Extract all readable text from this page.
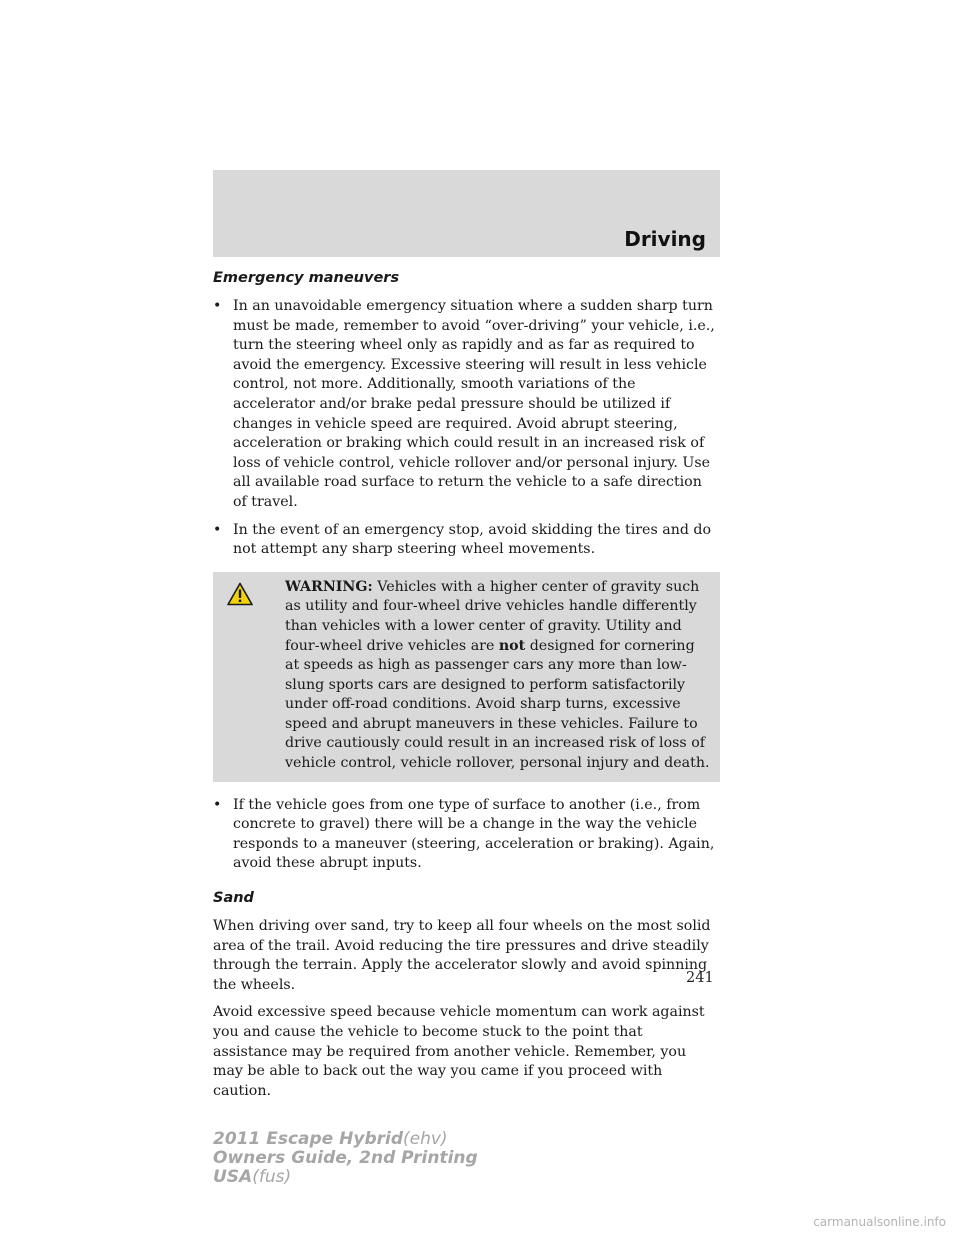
Driving
Emergency maneuvers
• In an unavoidable emergency situation where a sudden sharp turn must be made, remember to avoid “over-driving” your vehicle, i.e., turn the steering wheel only as rapidly and as far as required to avoid the emergency. Excessive steering will result in less vehicle control, not more. Additionally, smooth variations of the accelerator and/or brake pedal pressure should be utilized if changes in vehicle speed are required. Avoid abrupt steering, acceleration or braking which could result in an increased risk of loss of vehicle control, vehicle rollover and/or personal injury. Use all available road surface to return the vehicle to a safe direction of travel.
• In the event of an emergency stop, avoid skidding the tires and do not attempt any sharp steering wheel movements.
WARNING: Vehicles with a higher center of gravity such as utility and four-wheel drive vehicles handle differently than vehicles with a lower center of gravity. Utility and four-wheel drive vehicles are not designed for cornering at speeds as high as passenger cars any more than low-slung sports cars are designed to perform satisfactorily under off-road conditions. Avoid sharp turns, excessive speed and abrupt maneuvers in these vehicles. Failure to drive cautiously could result in an increased risk of loss of vehicle control, vehicle rollover, personal injury and death.
• If the vehicle goes from one type of surface to another (i.e., from concrete to gravel) there will be a change in the way the vehicle responds to a maneuver (steering, acceleration or braking). Again, avoid these abrupt inputs.
Sand

When driving over sand, try to keep all four wheels on the most solid area of the trail. Avoid reducing the tire pressures and drive steadily through the terrain. Apply the accelerator slowly and avoid spinning the wheels.

Avoid excessive speed because vehicle momentum can work against you and cause the vehicle to become stuck to the point that assistance may be required from another vehicle. Remember, you may be able to back out the way you came if you proceed with caution.

241
2011 Escape Hybrid(ehv)
Owners Guide, 2nd Printing
USA(fus)
carmanualsonline.info
